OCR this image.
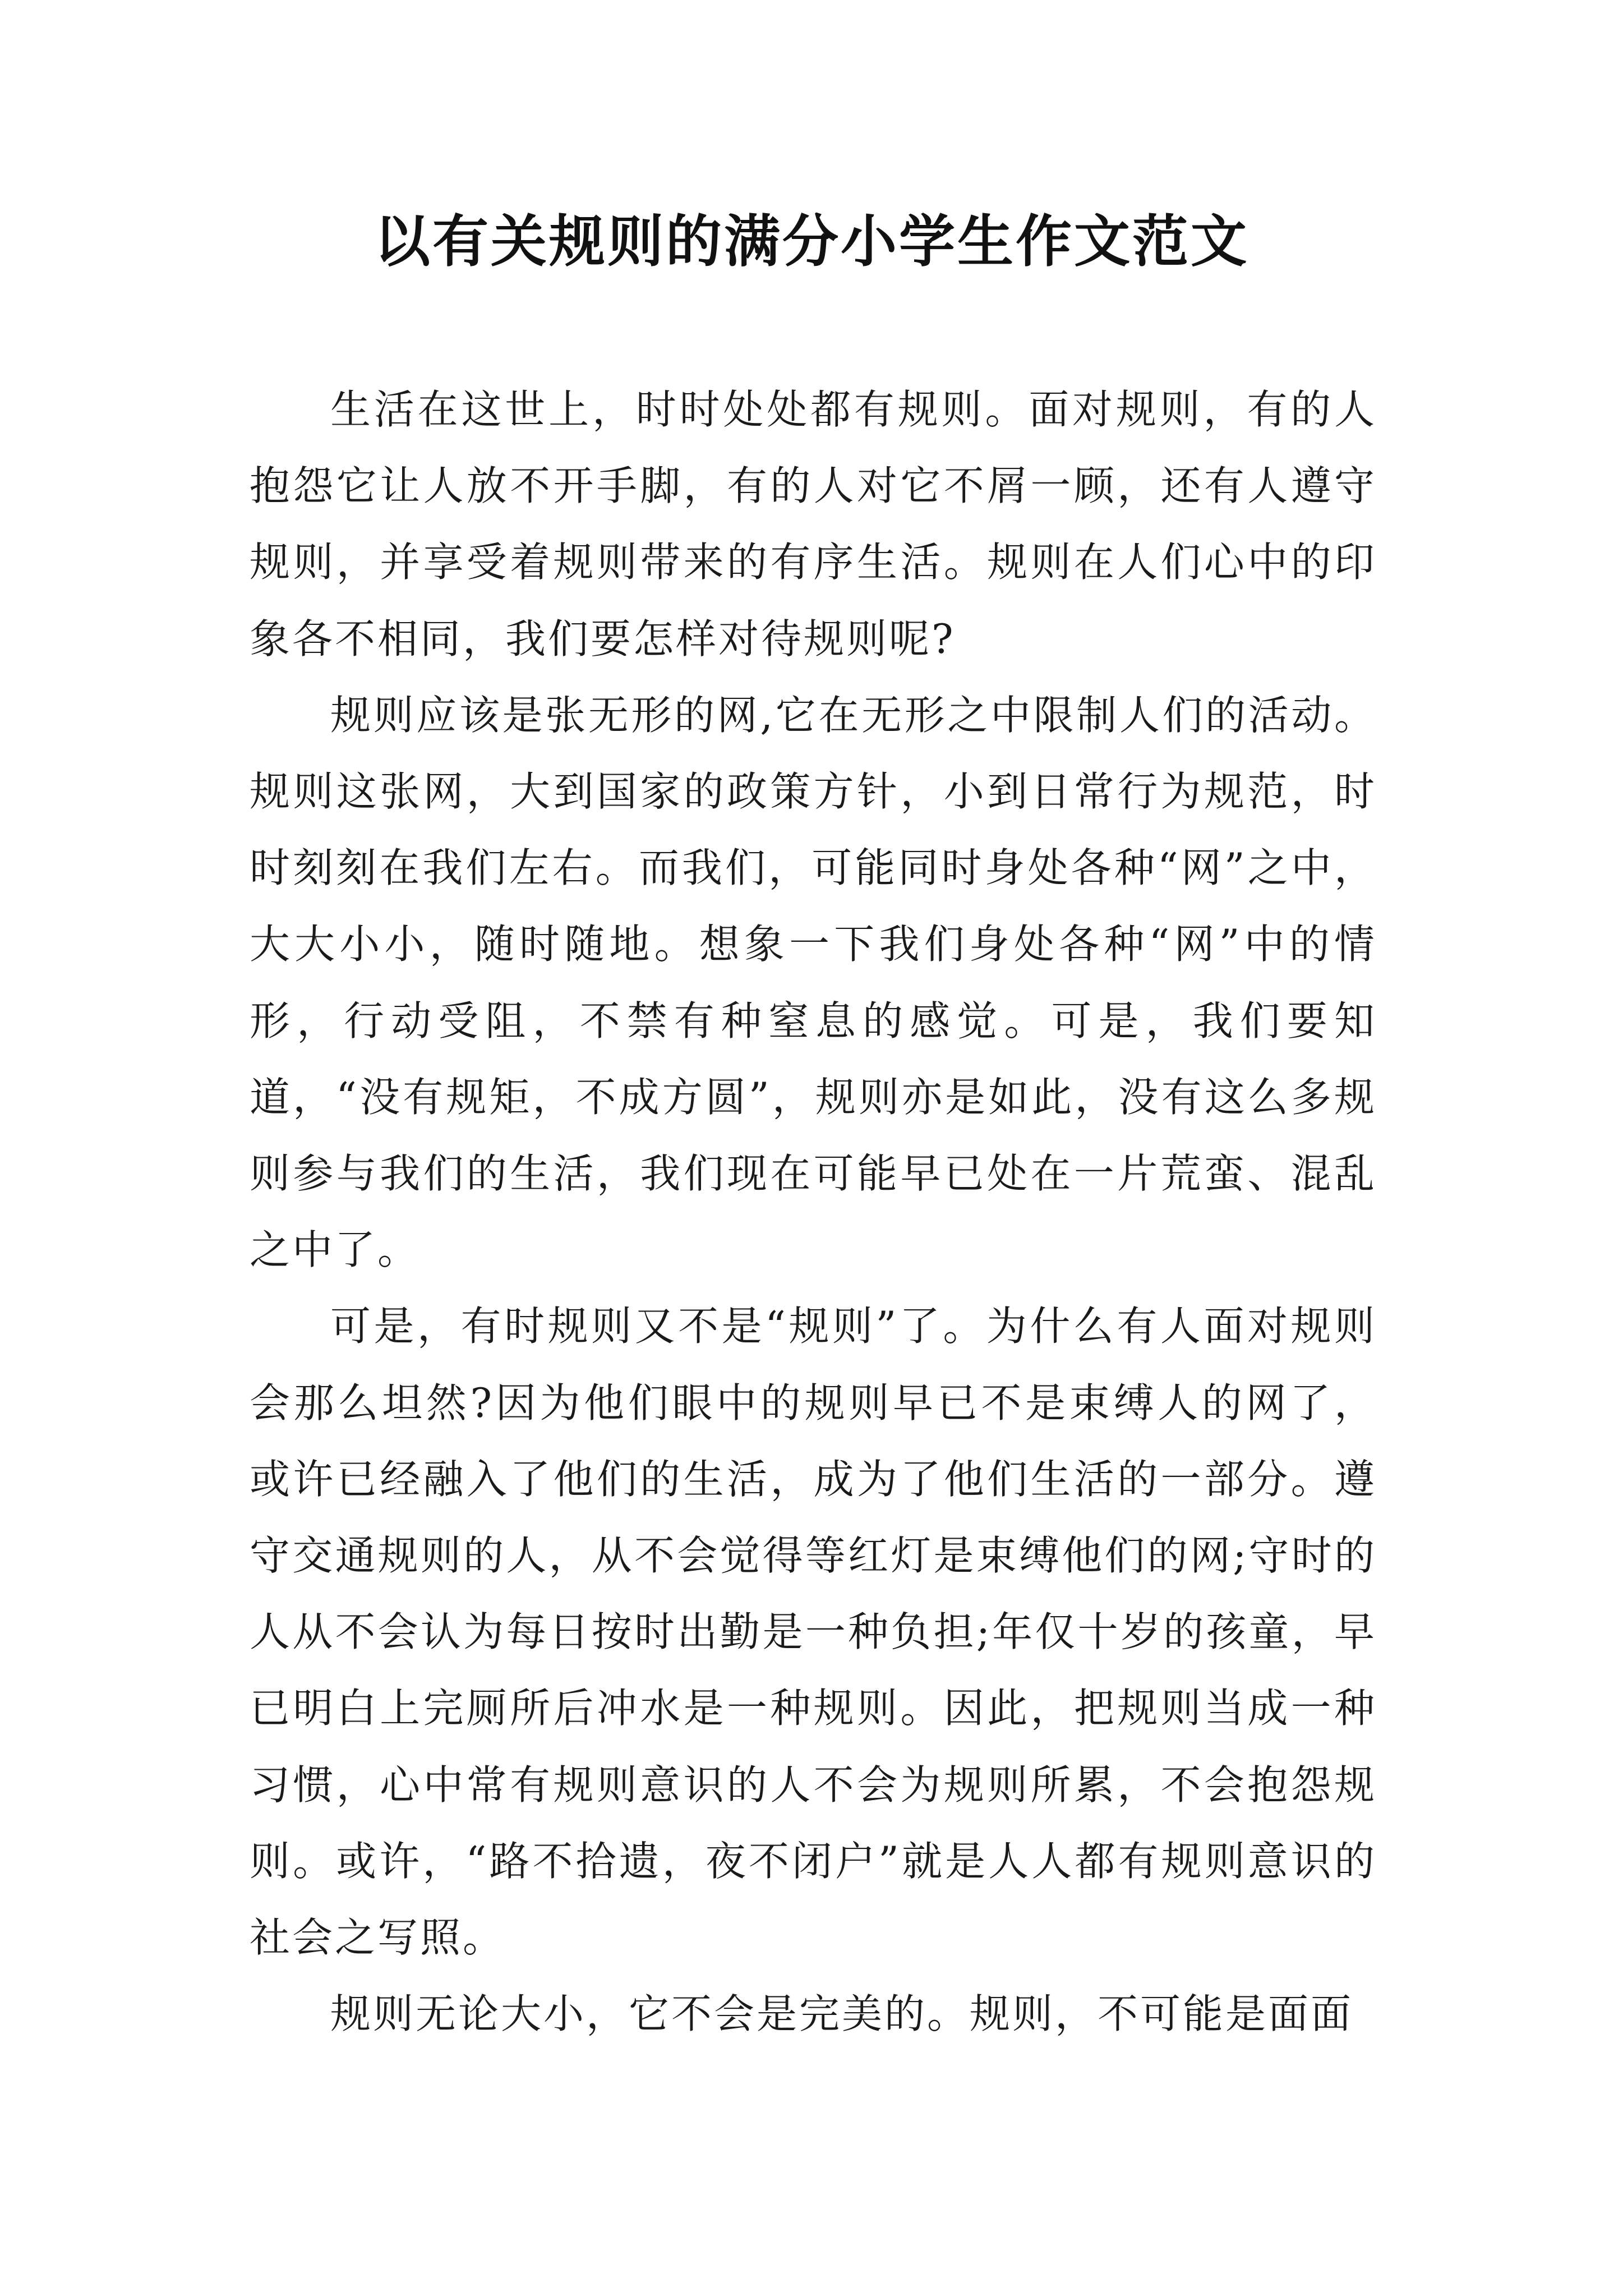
以有关规则的满分小学生作文范文

生活在这世上，时时处处都有规则。面对规则，有的人抱怨它让人放不开手脚，有的人对它不屑一顾，还有人遵守规则，并享受着规则带来的有序生活。规则在人们心中的印象各不相同，我们要怎样对待规则呢?

规则应该是张无形的网,它在无形之中限制人们的活动。规则这张网，大到国家的政策方针，小到日常行为规范，时时刻刻在我们左右。而我们，可能同时身处各种“网”之中，大大小小，随时随地。想象一下我们身处各种“网”中的情形，行动受阻，不禁有种窒息的感觉。可是，我们要知道，“没有规矩，不成方圆”，规则亦是如此，没有这么多规则参与我们的生活，我们现在可能早已处在一片荒蛮、混乱之中了。

可是，有时规则又不是“规则”了。为什么有人面对规则会那么坦然?因为他们眼中的规则早已不是束缚人的网了，或许已经融入了他们的生活，成为了他们生活的一部分。遵守交通规则的人，从不会觉得等红灯是束缚他们的网;守时的人从不会认为每日按时出勤是一种负担;年仅十岁的孩童，早已明白上完厕所后冲水是一种规则。因此，把规则当成一种习惯，心中常有规则意识的人不会为规则所累，不会抱怨规则。或许，“路不拾遗，夜不闭户”就是人人都有规则意识的社会之写照。

规则无论大小，它不会是完美的。规则，不可能是面面
